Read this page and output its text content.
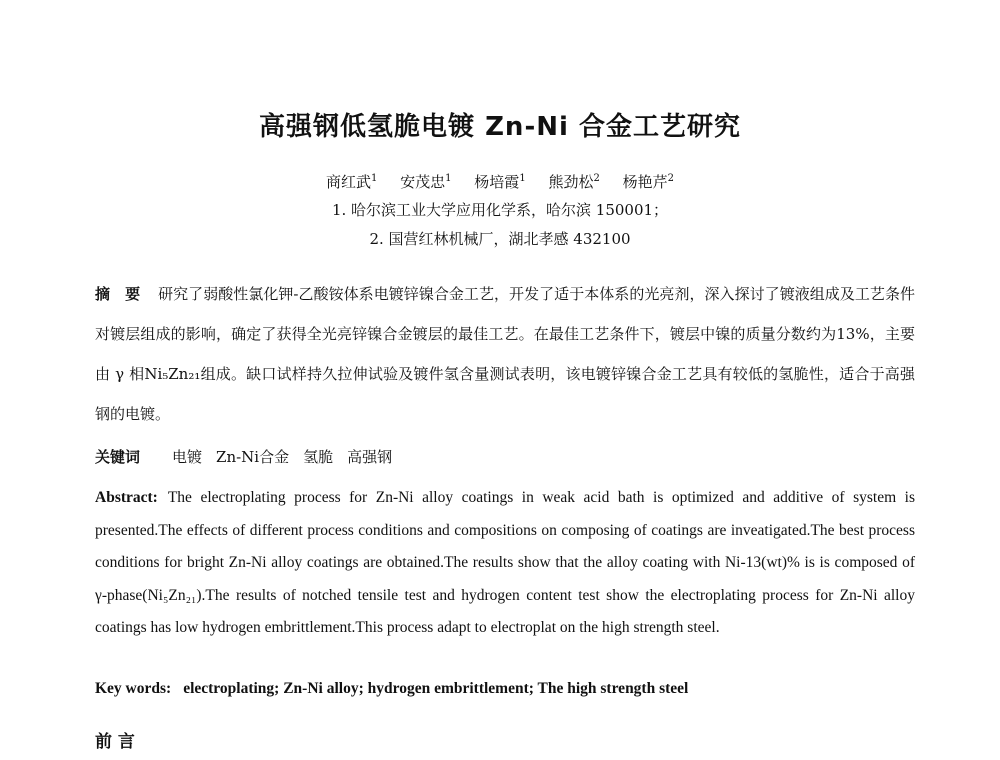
高强钢低氢脆电镀 Zn-Ni 合金工艺研究
商红武$^1$ 安茂忠$^1$ 杨培霞$^1$ 熊劲松$^2$ 杨艳芹$^2$
1. 哈尔滨工业大学应用化学系，哈尔滨 150001；
2. 国营红林机械厂，湖北孝感 432100
摘　要 研究了弱酸性氯化钾-乙酸铵体系电镀锌镍合金工艺，开发了适于本体系的光亮剂，深入探讨了镀液组成及工艺条件对镀层组成的影响，确定了获得全光亮锌镍合金镀层的最佳工艺。在最佳工艺条件下，镀层中镍的质量分数约为13%，主要由 γ 相Ni₅Zn₂₁组成。缺口试样持久拉伸试验及镀件氢含量测试表明，该电镀锌镍合金工艺具有较低的氢脆性，适合于高强钢的电镀。
关键词 电镀 Zn-Ni合金 氢脆 高强钢
Abstract: The electroplating process for Zn-Ni alloy coatings in weak acid bath is optimized and additive of system is presented.The effects of different process conditions and compositions on composing of coatings are inveatigated.The best process conditions for bright Zn-Ni alloy coatings are obtained.The results show that the alloy coating with Ni-13(wt)% is is composed of γ-phase(Ni₅Zn₂₁).The results of notched tensile test and hydrogen content test show the electroplating process for Zn-Ni alloy coatings has low hydrogen embrittlement.This process adapt to electroplat on the high strength steel.
Key words: electroplating; Zn-Ni alloy; hydrogen embrittlement; The high strength steel
前 言
